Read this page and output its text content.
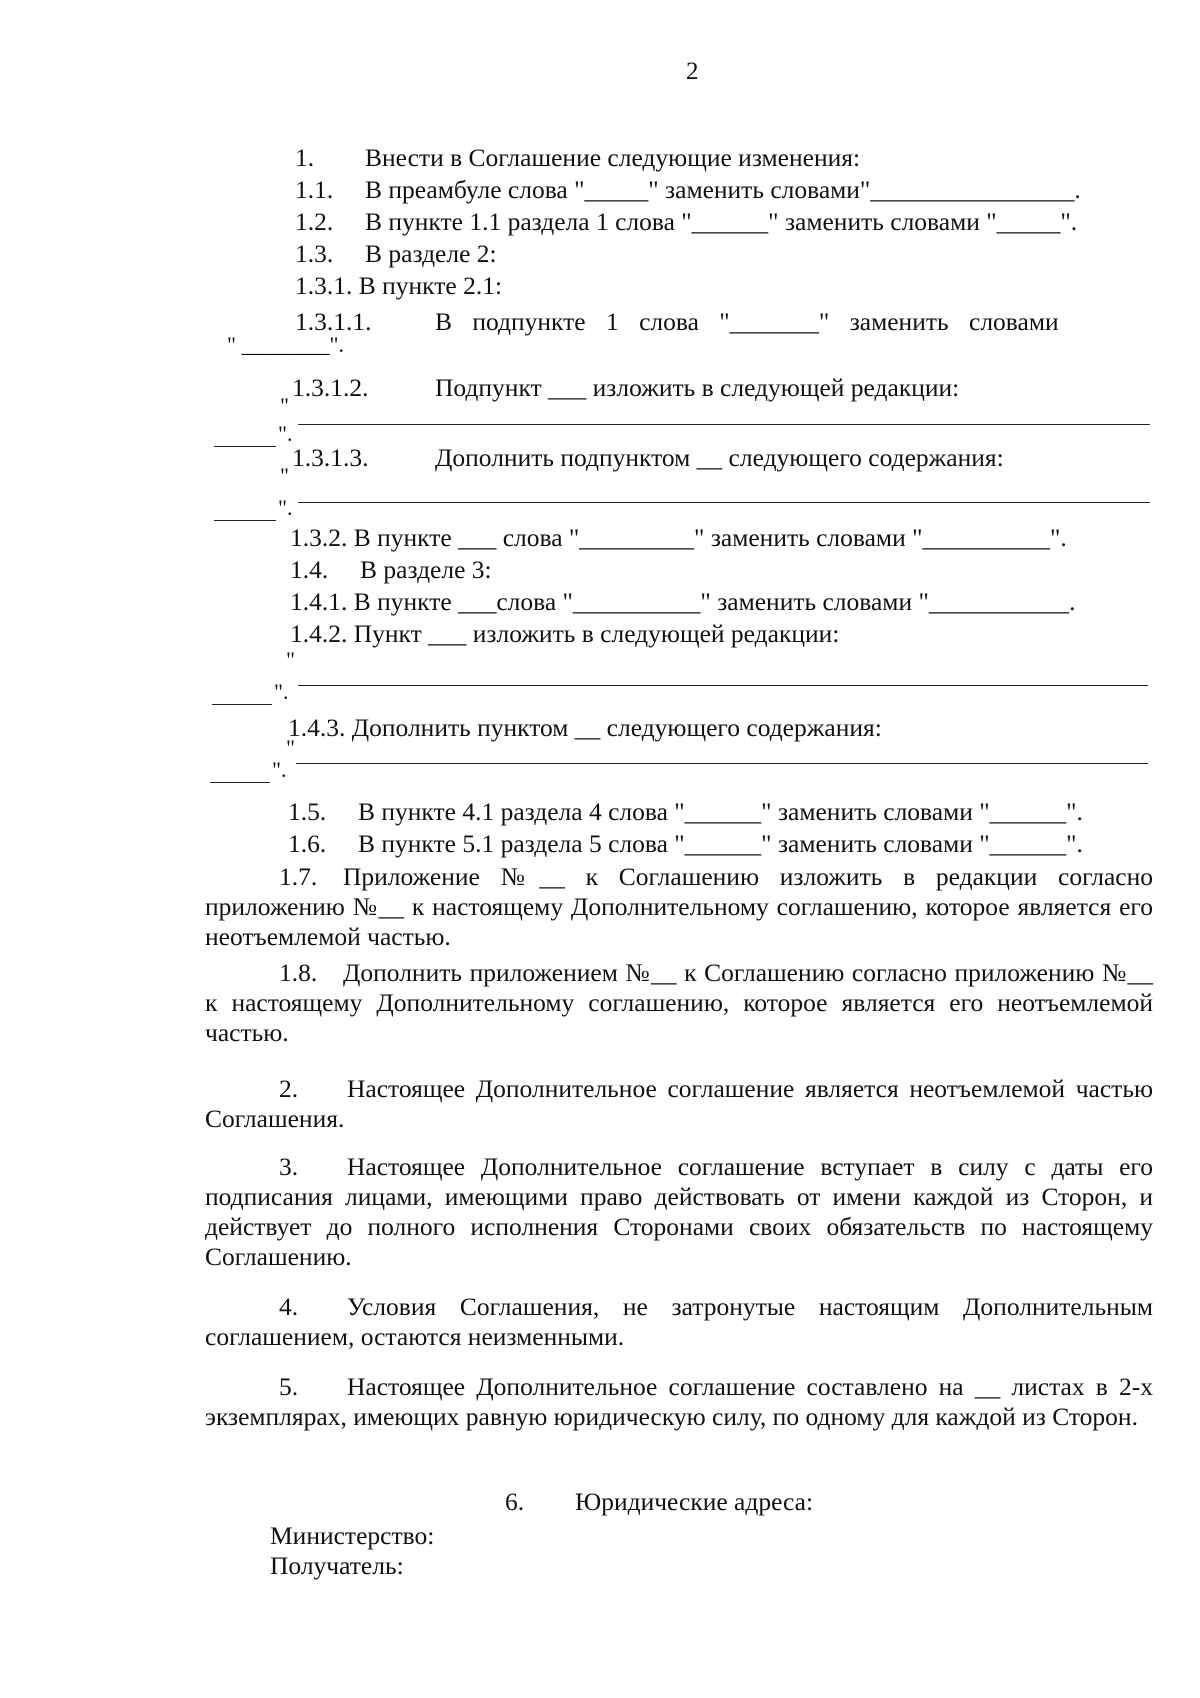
2
1. Внести в Соглашение следующие изменения:
1.1. В преамбуле слова "_____" заменить словами"________________.
1.2. В пункте 1.1 раздела 1 слова "______" заменить словами "_____".
1.3. В разделе 2:
1.3.1. В пункте 2.1:
1.3.1.1. В подпункте 1 слова "_______" заменить словами
" ________".
1.3.1.2.	Подпункт ___ изложить в следующей редакции:
"
".
1.3.1.3.	Дополнить подпунктом __ следующего содержания:
"
".
1.3.2. В пункте ___ слова "_________" заменить словами "__________".
1.4. В разделе 3:
1.4.1. В пункте ___слова "__________" заменить словами "___________.
1.4.2. Пункт ___ изложить в следующей редакции:
"
".
1.4.3. Дополнить пунктом __ следующего содержания:
"
".
1.5. В пункте 4.1 раздела 4 слова "______" заменить словами "______".
1.6. В пункте 5.1 раздела 5 слова "______" заменить словами "______".
1.7. Приложение №__ к Соглашению изложить в редакции согласно приложению №__ к настоящему Дополнительному соглашению, которое является его неотъемлемой частью.
1.8. Дополнить приложением №__ к Соглашению согласно приложению №__ к настоящему Дополнительному соглашению, которое является его неотъемлемой частью.
2. Настоящее Дополнительное соглашение является неотъемлемой частью Соглашения.
3. Настоящее Дополнительное соглашение вступает в силу с даты его подписания лицами, имеющими право действовать от имени каждой из Сторон, и действует до полного исполнения Сторонами своих обязательств по настоящему Соглашению.
4. Условия Соглашения, не затронутые настоящим Дополнительным соглашением, остаются неизменными.
5. Настоящее Дополнительное соглашение составлено на __ листах в 2-х экземплярах, имеющих равную юридическую силу, по одному для каждой из Сторон.
6. Юридические адреса:
Министерство:
Получатель:
